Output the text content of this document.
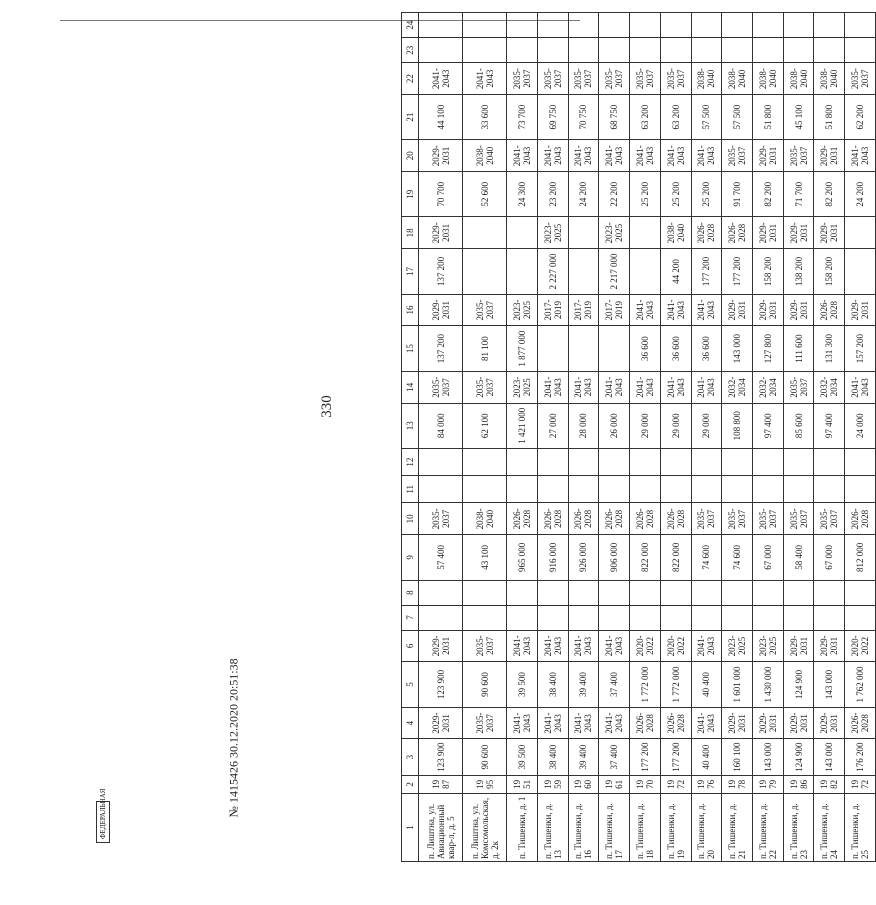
330
1	2	3	4	5	6	7	8	9	10	11	12	13	14	15	16	17	18	19	20	21	22	23	24
п. Лиштна, ул. Авиационный квар-л, д. 5	1987	123 900	2029-2031	123 900	2029-2031			57 400	2035-2037			84 000	2035-2037	137 200	2029-2031	137 200	2029-2031	70 700	2029-2031	44 100	2041-2043		
п. Лиштна, ул. Комсомольская, д. 2к	1995	90 600	2035-2037	90 600	2035-2037			43 100	2038-2040			62 100	2035-2037	81 100	2035-2037			52 600	2038-2040	33 600	2041-2043		
п. Тишенки, д. 1	1951	39 500	2041-2043	39 500	2041-2043			965 000	2026-2028			1 421 000	2023-2025	1 877 000	2023-2025			24 300	2041-2043	73 700	2035-2037		
п. Тишенки, д. 13	1959	38 400	2041-2043	38 400	2041-2043			916 000	2026-2028			27 000	2041-2043		2017-2019	2 227 000	2023-2025	23 200	2041-2043	69 750	2035-2037		
п. Тишенки, д. 16	1960	39 400	2041-2043	39 400	2041-2043			926 000	2026-2028			28 000	2041-2043		2017-2019			24 200	2041-2043	70 750	2035-2037		
п. Тишенки, д. 17	1961	37 400	2041-2043	37 400	2041-2043			906 000	2026-2028			26 000	2041-2043		2017-2019	2 217 000	2023-2025	22 200	2041-2043	68 750	2035-2037		
п. Тишенки, д. 18	1970	177 200	2026-2028	1 772 000	2020-2022			822 000	2026-2028			29 000	2041-2043	36 600	2041-2043			25 200	2041-2043	63 200	2035-2037		
п. Тишенки, д. 19	1972	177 200	2026-2028	1 772 000	2020-2022			822 000	2026-2028			29 000	2041-2043	36 600	2041-2043	44 200	2038-2040	25 200	2041-2043	63 200	2035-2037		
п. Тишенки, д. 20	1976	40 400	2041-2043	40 400	2041-2043			74 600	2035-2037			29 000	2041-2043	36 600	2041-2043	177 200	2026-2028	25 200	2041-2043	57 500	2038-2040		
п. Тишенки, д. 21	1978	160 100	2029-2031	1 601 000	2023-2025			74 600	2035-2037			108 800	2032-2034	143 000	2029-2031	177 200	2026-2028	91 700	2035-2037	57 500	2038-2040		
п. Тишенки, д. 22	1979	143 000	2029-2031	1 430 000	2023-2025			67 000	2035-2037			97 400	2032-2034	127 800	2029-2031	158 200	2029-2031	82 200	2029-2031	51 800	2038-2040		
п. Тишенки, д. 23	1986	124 900	2029-2031	124 900	2029-2031			58 400	2035-2037			85 600	2035-2037	111 600	2029-2031	138 200	2029-2031	71 700	2035-2037	45 100	2038-2040		
п. Тишенки, д. 24	1982	143 000	2029-2031	143 000	2029-2031			67 000	2035-2037			97 400	2032-2034	131 300	2026-2028	158 200	2029-2031	82 200	2029-2031	51 800	2038-2040		
п. Тишенки, д. 25	1972	176 200	2026-2028	1 762 000	2020-2022			812 000	2026-2028			24 000	2041-2043	157 200	2029-2031			24 200	2041-2043	62 200	2035-2037		
ФЕДЕРАЛЬНАЯ	№ 1415426 30.12.2020 20:51:38
